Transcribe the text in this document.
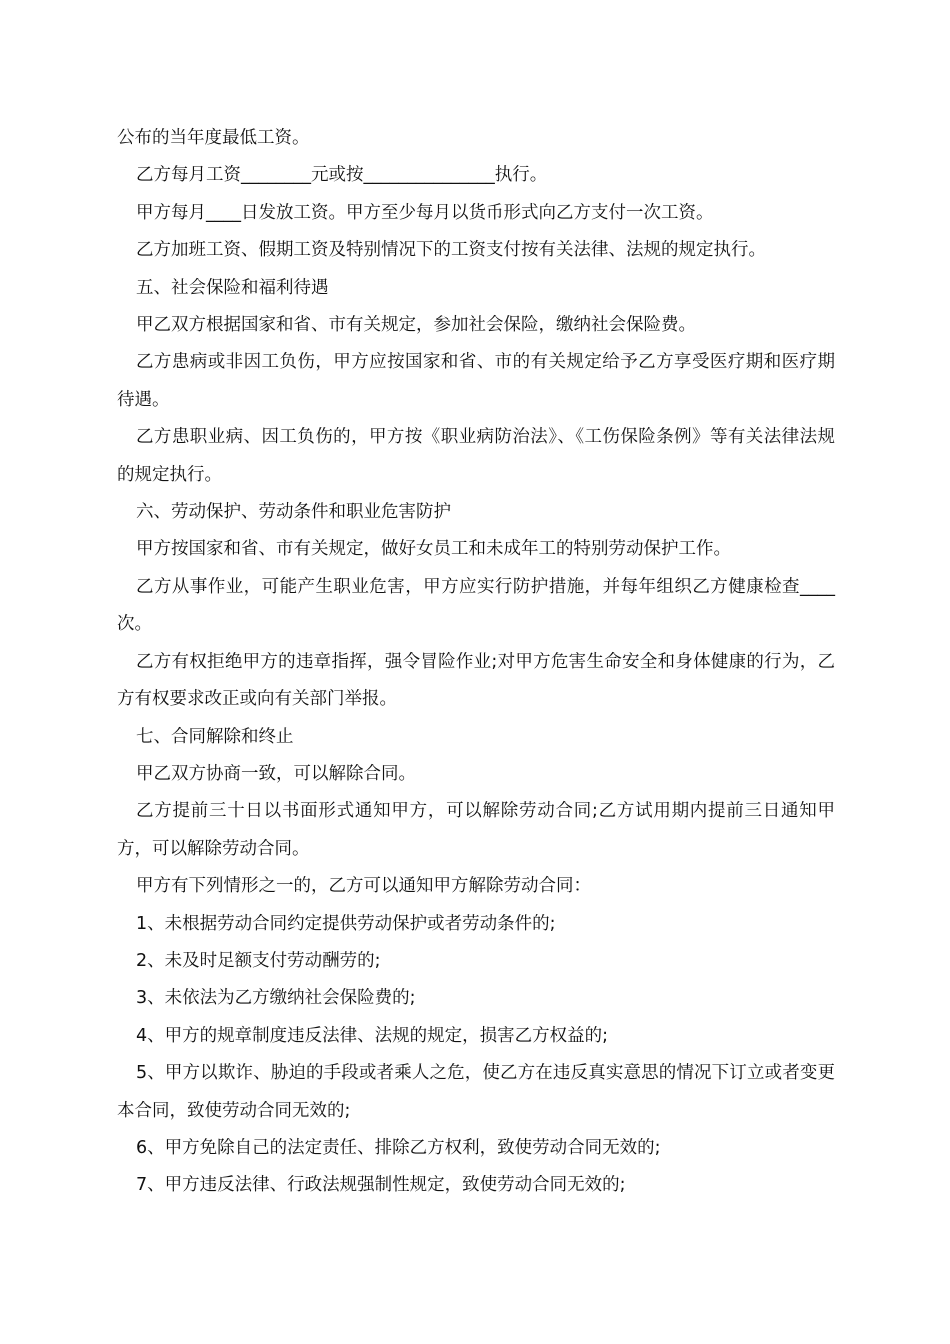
公布的当年度最低工资。

乙方每月工资________元或按_______________执行。

甲方每月____日发放工资。甲方至少每月以货币形式向乙方支付一次工资。

乙方加班工资、假期工资及特别情况下的工资支付按有关法律、法规的规定执行。

五、社会保险和福利待遇

甲乙双方根据国家和省、市有关规定，参加社会保险，缴纳社会保险费。

乙方患病或非因工负伤，甲方应按国家和省、市的有关规定给予乙方享受医疗期和医疗期待遇。

乙方患职业病、因工负伤的，甲方按《职业病防治法》、《工伤保险条例》等有关法律法规的规定执行。

六、劳动保护、劳动条件和职业危害防护

甲方按国家和省、市有关规定，做好女员工和未成年工的特别劳动保护工作。

乙方从事作业，可能产生职业危害，甲方应实行防护措施，并每年组织乙方健康检查____次。

乙方有权拒绝甲方的违章指挥，强令冒险作业;对甲方危害生命安全和身体健康的行为，乙方有权要求改正或向有关部门举报。

七、合同解除和终止

甲乙双方协商一致，可以解除合同。

乙方提前三十日以书面形式通知甲方，可以解除劳动合同;乙方试用期内提前三日通知甲方，可以解除劳动合同。

甲方有下列情形之一的，乙方可以通知甲方解除劳动合同：

1、未根据劳动合同约定提供劳动保护或者劳动条件的;

2、未及时足额支付劳动酬劳的;

3、未依法为乙方缴纳社会保险费的;

4、甲方的规章制度违反法律、法规的规定，损害乙方权益的;

5、甲方以欺诈、胁迫的手段或者乘人之危，使乙方在违反真实意思的情况下订立或者变更本合同，致使劳动合同无效的;

6、甲方免除自己的法定责任、排除乙方权利，致使劳动合同无效的;

7、甲方违反法律、行政法规强制性规定，致使劳动合同无效的;
